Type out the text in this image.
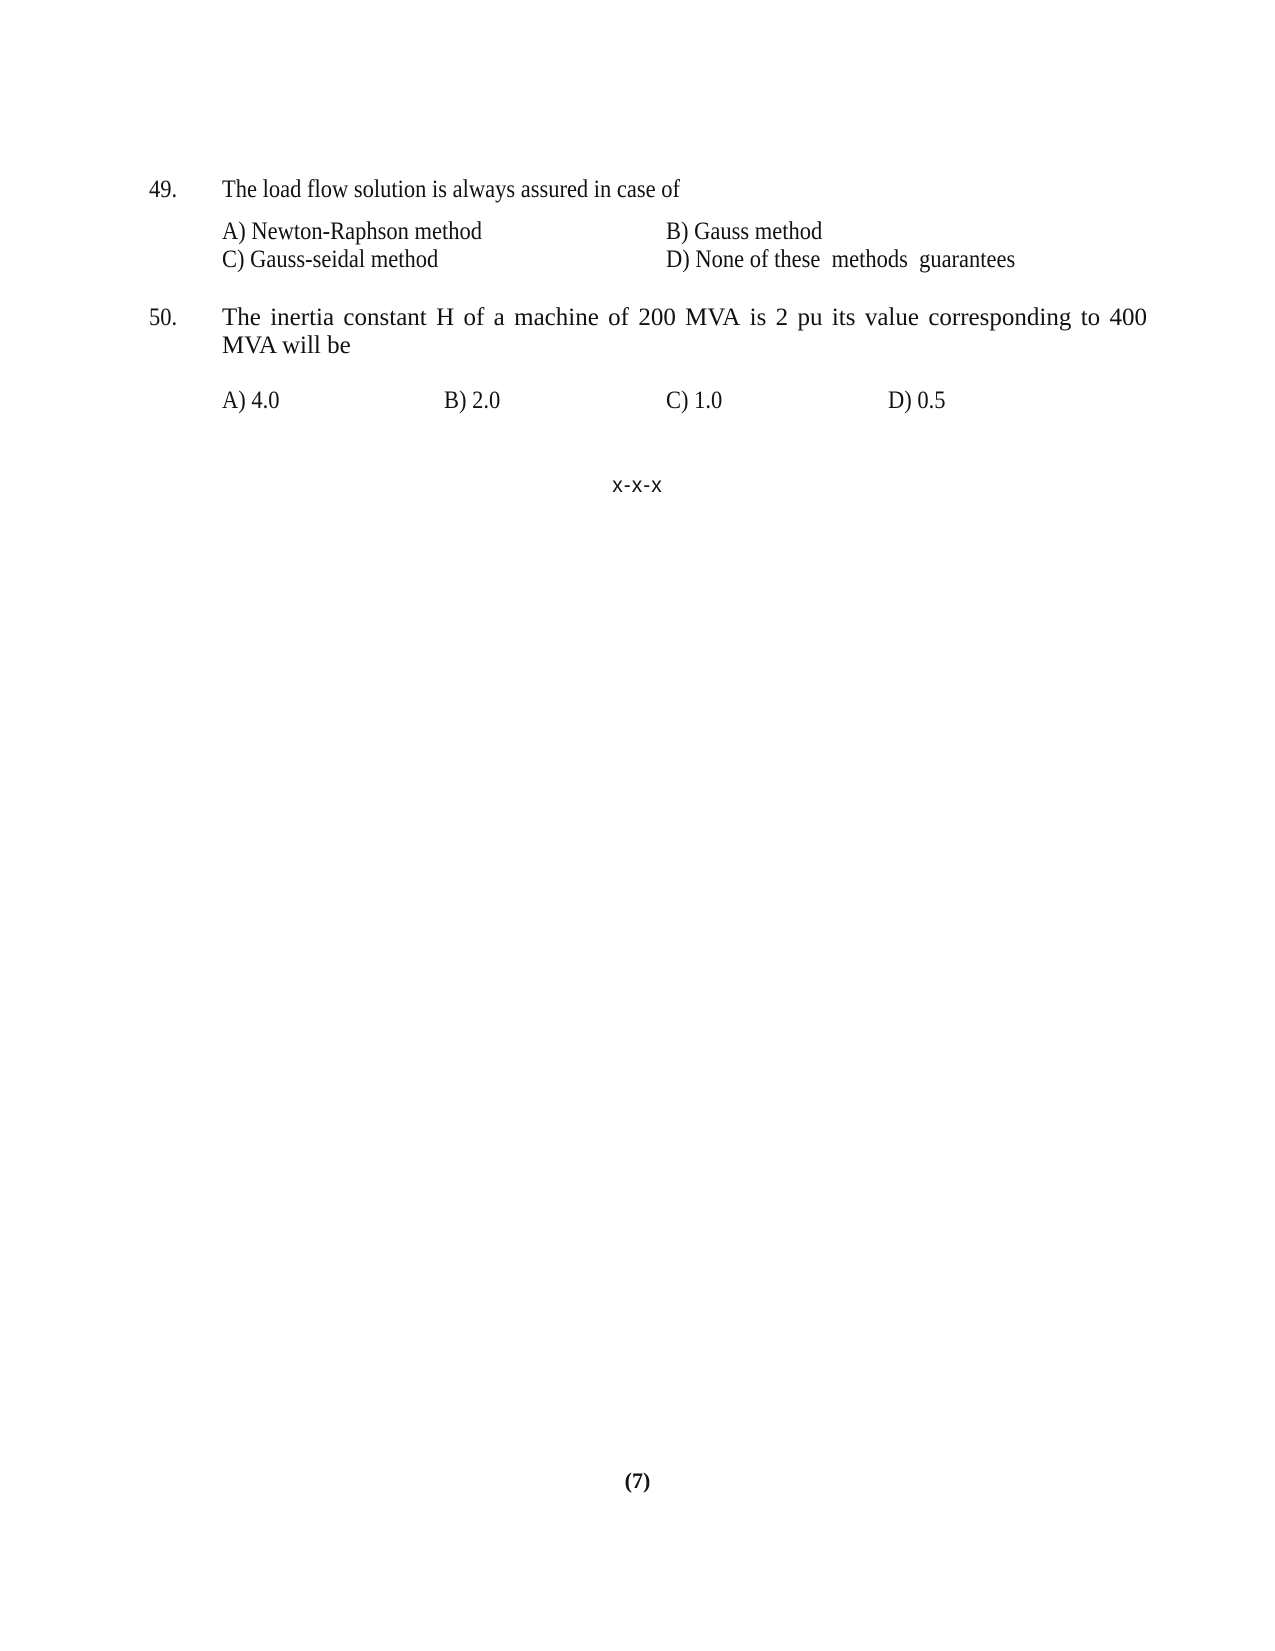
49. The load flow solution is always assured in case of
A) Newton-Raphson method	B) Gauss method
C) Gauss-seidal method	D) None of these  methods  guarantees
50. The inertia constant H of a machine of 200 MVA is 2 pu its value corresponding to 400
MVA will be
A) 4.0	B) 2.0	C) 1.0	D) 0.5
x-x-x
(7)
